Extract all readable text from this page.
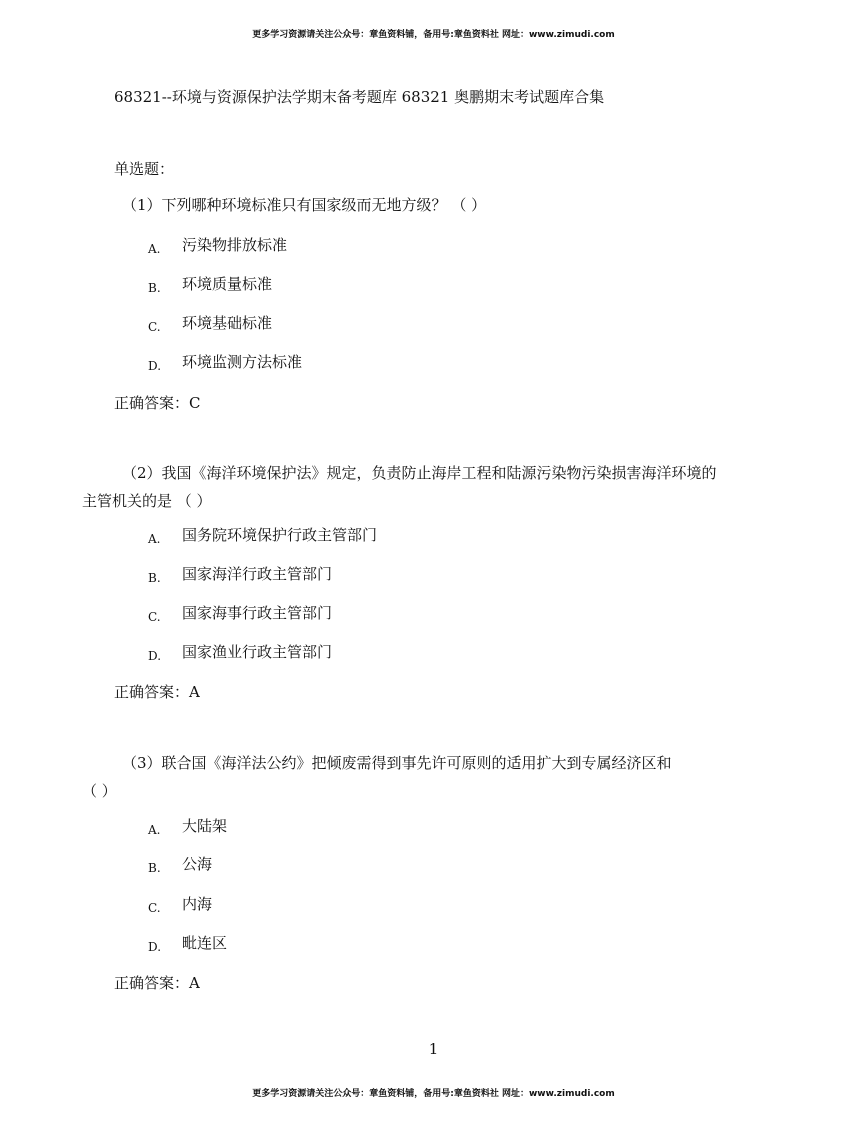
更多学习资源请关注公众号：章鱼资料铺，备用号:章鱼资料社 网址：www.zimudi.com
68321--环境与资源保护法学期末备考题库 68321 奥鹏期末考试题库合集
单选题：
（1）下列哪种环境标准只有国家级而无地方级？ （ ）
A. 污染物排放标准
B. 环境质量标准
C. 环境基础标准
D. 环境监测方法标准
正确答案：C
（2）我国《海洋环境保护法》规定，负责防止海岸工程和陆源污染物污染损害海洋环境的
主管机关的是 （ ）
A. 国务院环境保护行政主管部门
B. 国家海洋行政主管部门
C. 国家海事行政主管部门
D. 国家渔业行政主管部门
正确答案：A
（3）联合国《海洋法公约》把倾废需得到事先许可原则的适用扩大到专属经济区和
（ ）
A. 大陆架
B. 公海
C. 内海
D. 毗连区
正确答案：A
1
更多学习资源请关注公众号：章鱼资料铺，备用号:章鱼资料社 网址：www.zimudi.com
